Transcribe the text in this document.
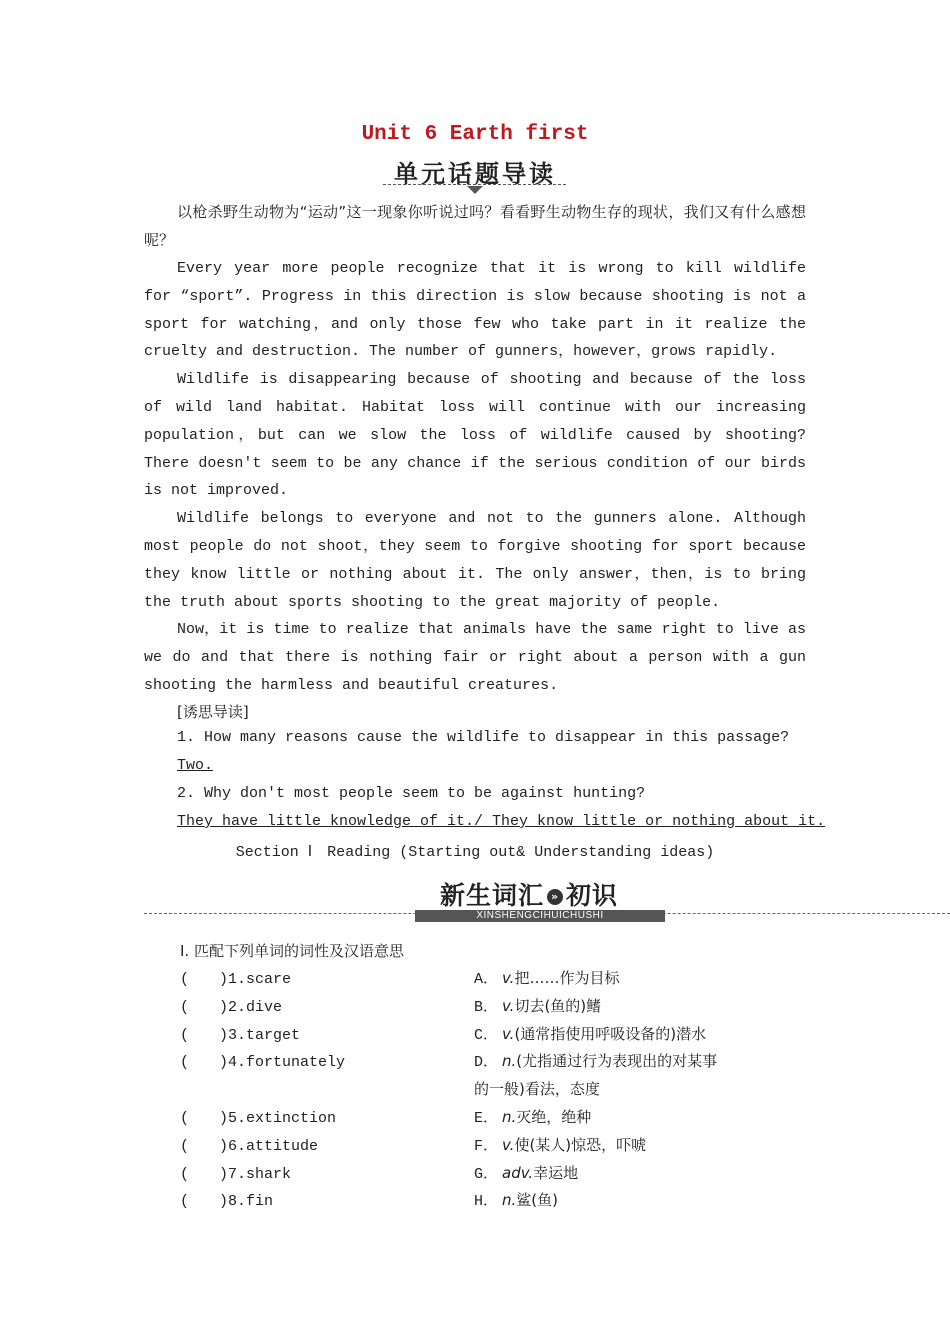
Unit 6 Earth first
单元话题导读

以枪杀野生动物为“运动”这一现象你听说过吗？看看野生动物生存的现状，我们又有什么感想呢？

Every year more people recognize that it is wrong to kill wildlife for “sport”. Progress in this direction is slow because shooting is not a sport for watching，and only those few who take part in it realize the cruelty and destruction. The number of gunners，however，grows rapidly.

Wildlife is disappearing because of shooting and because of the loss of wild land habitat. Habitat loss will continue with our increasing population，but can we slow the loss of wildlife caused by shooting? There doesn't seem to be any chance if the serious condition of our birds is not improved.

Wildlife belongs to everyone and not to the gunners alone. Although most people do not shoot，they seem to forgive shooting for sport because they know little or nothing about it. The only answer，then，is to bring the truth about sports shooting to the great majority of people.

Now，it is time to realize that animals have the same right to live as we do and that there is nothing fair or right about a person with a gun shooting the harmless and beautiful creatures.

[诱思导读]
1. How many reasons cause the wildlife to disappear in this passage?
Two.
2. Why don't most people seem to be against hunting?
They have little knowledge of it./ They know little or nothing about it.
Section Ⅰ　Reading (Starting out& Understanding ideas)
新生词汇 » 初识
XINSHENGCIHUICHUSHI
Ⅰ. 匹配下列单词的词性及汉语意思
(　　)1.scare	A． v.把……作为目标
(　　)2.dive	B． v.切去(鱼的)鳍
(　　)3.target	C． v.(通常指使用呼吸设备的)潜水
(　　)4.fortunately	D． n.(尤指通过行为表现出的对某事
的一般)看法，态度
(　　)5.extinction	E． n.灭绝，绝种
(　　)6.attitude	F． v.使(某人)惊恐，吓唬
(　　)7.shark	G． adv.幸运地
(　　)8.fin	H． n.鲨(鱼)
